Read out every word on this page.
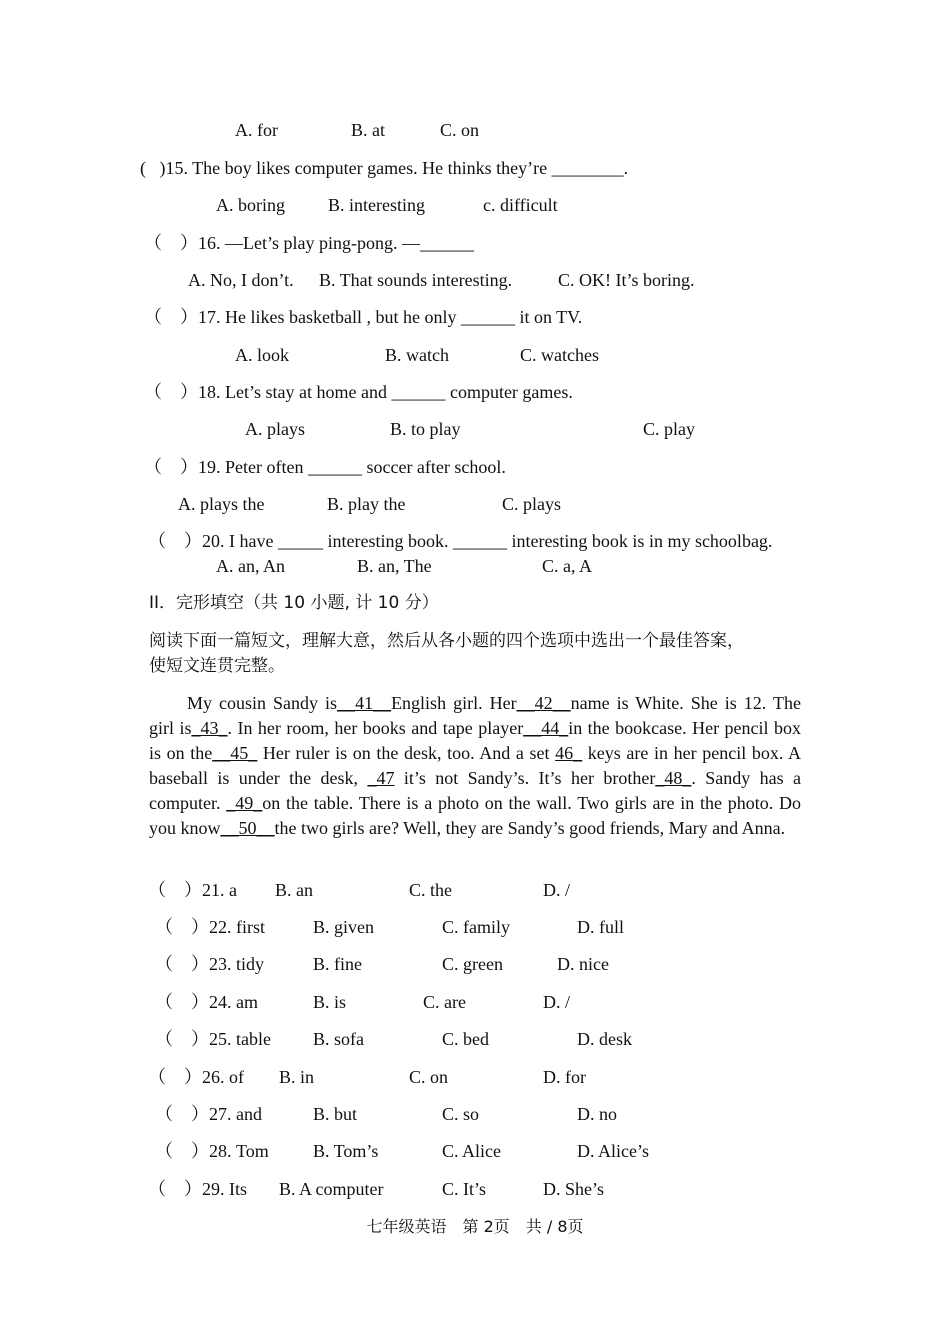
A. for	B. at	C. on
(   )15. The boy likes computer games. He thinks they’re ________.
A. boring B. interesting	c. difficult
（    ）16. —Let’s play ping-pong. —______
A. No, I don’t. B. That sounds interesting.	C. OK! It’s boring.
（    ）17. He likes basketball , but he only ______ it on TV.
A. look	B. watch	C. watches
（    ）18. Let’s stay at home and ______ computer games.
A. plays	B. to play	C. play
（    ）19. Peter often ______ soccer after school.
A. plays the	B. play the	C. plays
（    ）20. I have _____ interesting book. ______ interesting book is in my schoolbag.
A. an, An	B. an, The	C. a, A
II．完形填空（共 10 小题, 计 10 分）
阅读下面一篇短文，理解大意，然后从各小题的四个选项中选出一个最佳答案，
使短文连贯完整。
My cousin Sandy is__41__English girl. Her__42__name is White. She is 12. The girl is_43_. In her room, her books and tape player__44_in the bookcase. Her pencil box is on the__45_ Her ruler is on the desk, too. And a set 46_ keys are in her pencil box. A baseball is under the desk, _47 it’s not Sandy’s. It’s her brother_48_. Sandy has a computer. _49_on the table. There is a photo on the wall. Two girls are in the photo. Do you know__50__the two girls are? Well, they are Sandy’s good friends, Mary and Anna.
（    ）21. a B. an	C. the	D. /
（    ）22. first	B. given	C. family	D. full
（    ）23. tidy	B. fine	C. green	D. nice
（    ）24. am	B. is	C. are	D. /
（    ）25. table B. sofa	C. bed	D. desk
（    ）26. of B. in	C. on	D. for
（    ）27. and	B. but	C. so	D. no
（    ）28. Tom B. Tom’s	C. Alice	D. Alice’s
（    ）29. Its B. A computer	C. It’s	D. She’s
七年级英语　第 2页　共 / 8页
